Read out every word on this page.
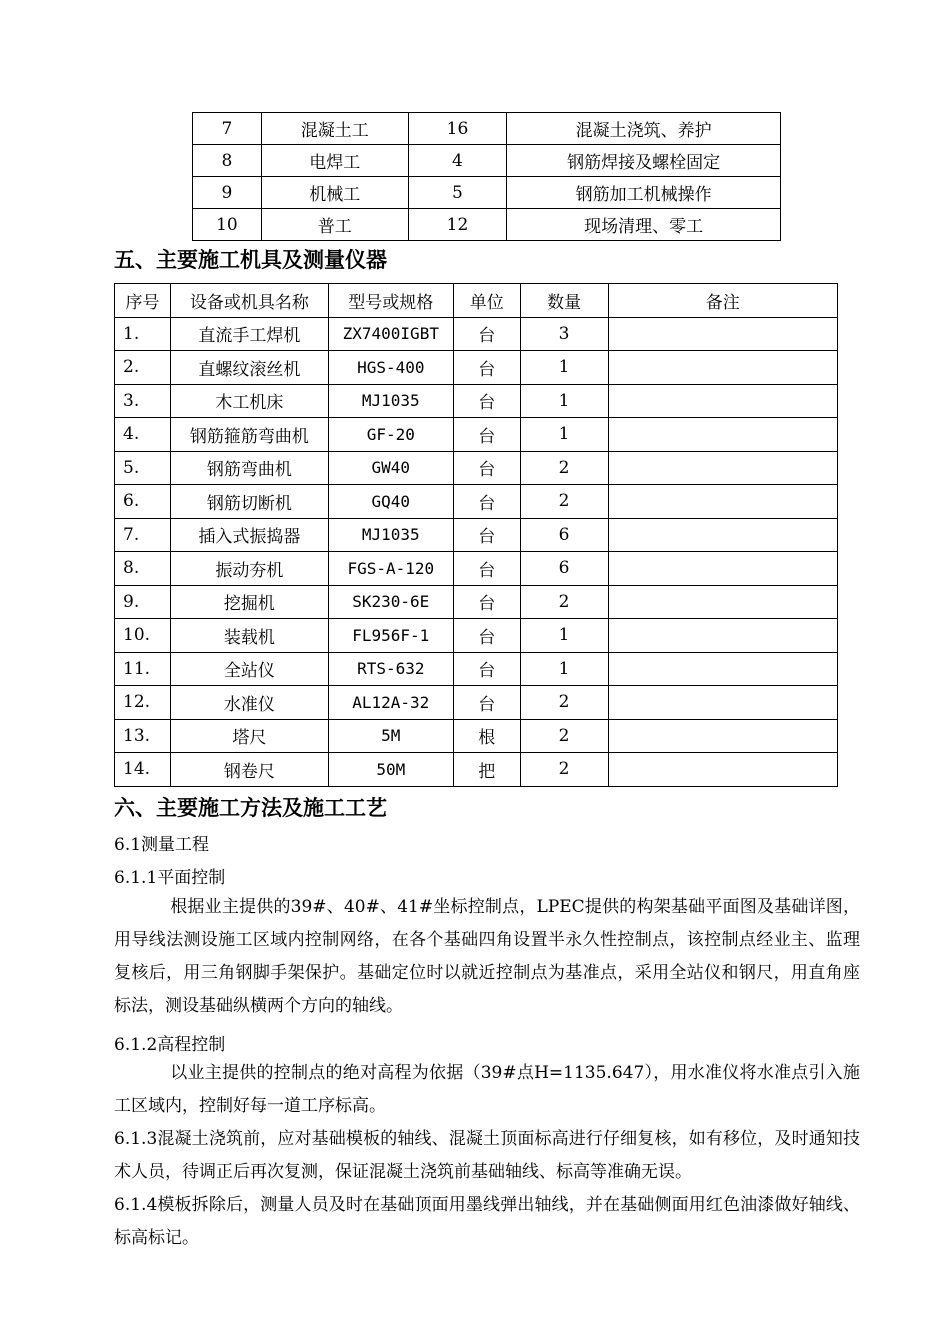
7	混凝土工	16	混凝土浇筑、养护
8	电焊工	4	钢筋焊接及螺栓固定
9	机械工	5	钢筋加工机械操作
10	普工	12	现场清理、零工
五、主要施工机具及测量仪器
序号	设备或机具名称	型号或规格	单位	数量	备注
1.	直流手工焊机	ZX7400IGBT	台	3	
2.	直螺纹滚丝机	HGS-400	台	1	
3.	木工机床	MJ1035	台	1	
4.	钢筋箍筋弯曲机	GF-20	台	1	
5.	钢筋弯曲机	GW40	台	2	
6.	钢筋切断机	GQ40	台	2	
7.	插入式振捣器	MJ1035	台	6	
8.	振动夯机	FGS-A-120	台	6	
9.	挖掘机	SK230-6E	台	2	
10.	装载机	FL956F-1	台	1	
11.	全站仪	RTS-632	台	1	
12.	水准仪	AL12A-32	台	2	
13.	塔尺	5M	根	2	
14.	钢卷尺	50M	把	2	
六、主要施工方法及施工工艺

6.1测量工程

6.1.1平面控制

根据业主提供的39#、40#、41#坐标控制点，LPEC提供的构架基础平面图及基础详图，用导线法测设施工区域内控制网络，在各个基础四角设置半永久性控制点，该控制点经业主、监理复核后，用三角钢脚手架保护。基础定位时以就近控制点为基准点，采用全站仪和钢尺，用直角座标法，测设基础纵横两个方向的轴线。

6.1.2高程控制

以业主提供的控制点的绝对高程为依据（39#点H=1135.647），用水准仪将水准点引入施工区域内，控制好每一道工序标高。

6.1.3混凝土浇筑前，应对基础模板的轴线、混凝土顶面标高进行仔细复核，如有移位，及时通知技术人员，待调正后再次复测，保证混凝土浇筑前基础轴线、标高等准确无误。

6.1.4模板拆除后，测量人员及时在基础顶面用墨线弹出轴线，并在基础侧面用红色油漆做好轴线、标高标记。
